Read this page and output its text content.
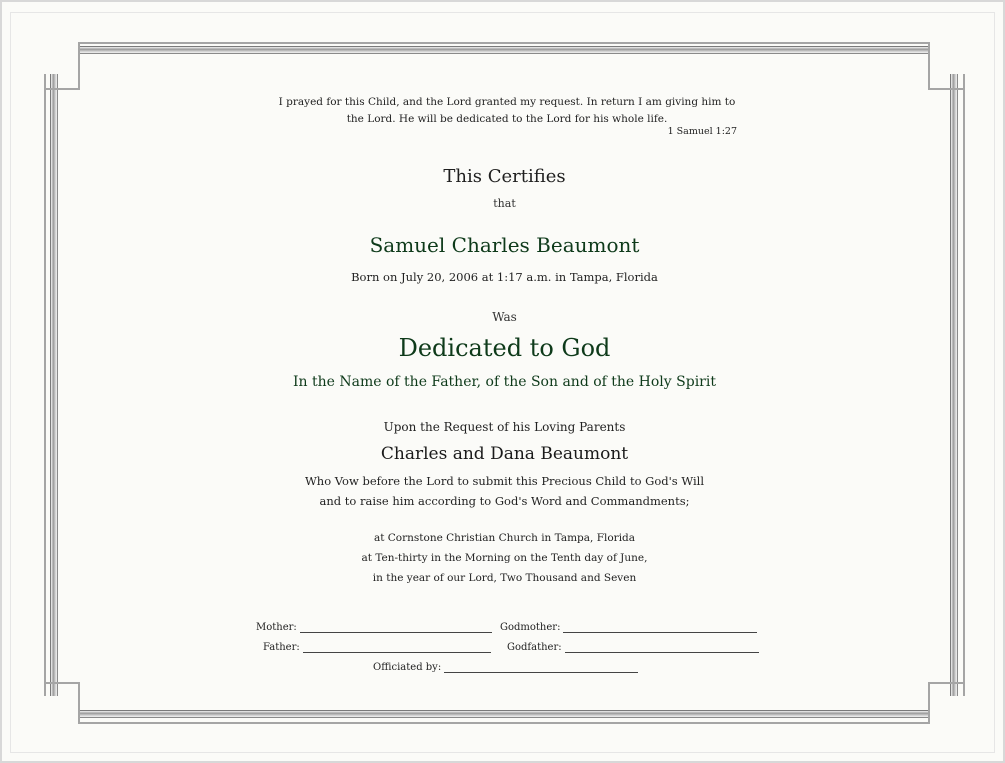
I prayed for this Child, and the Lord granted my request. In return I am giving him to the Lord. He will be dedicated to the Lord for his whole life.
1 Samuel 1:27
This Certifies
that
Samuel Charles Beaumont
Born on July 20, 2006 at 1:17 a.m. in Tampa, Florida
Was
Dedicated to God
In the Name of the Father, of the Son and of the Holy Spirit
Upon the Request of his Loving Parents
Charles and Dana Beaumont
Who Vow before the Lord to submit this Precious Child to God's Will
and to raise him according to God's Word and Commandments;
at Cornstone Christian Church in Tampa, Florida
at Ten-thirty in the Morning on the Tenth day of June,
in the year of our Lord, Two Thousand and Seven
Mother:	Godmother:
Father:	Godfather:
Officiated by:
